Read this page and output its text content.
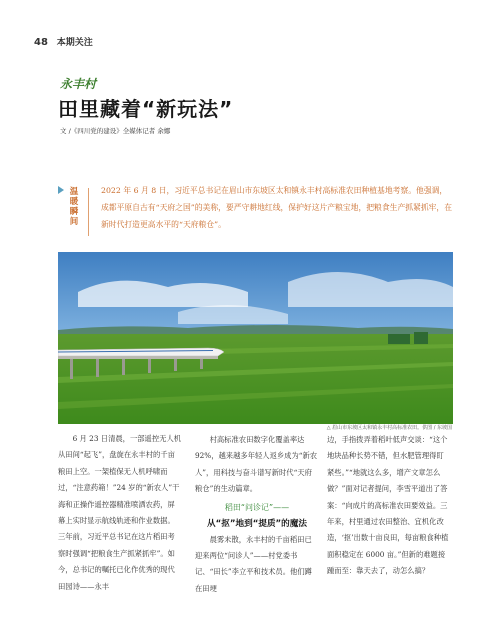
48 本期关注
永丰村
田里藏着“新玩法”
文 /《四川党的建设》全媒体记者 余娜
温暖瞬间
2022 年 6 月 8 日，习近平总书记在眉山市东坡区太和镇永丰村高标准农田种植基地考察。他强调，成都平原自古有“天府之国”的美称，要严守耕地红线，保护好这片产粮宝地，把粮食生产抓紧抓牢，在新时代打造更高水平的“天府粮仓”。
△ 眉山市东坡区太和镇永丰村高标准农田。供图 / 东坡国

6 月 23 日清晨，一部遥控无人机从田间“起飞”，盘旋在永丰村的千亩粮田上空。一架植保无人机呼啸而过，“注意药箱！”24 岁的“新农人”干海和正操作遥控器精准喷洒农药，屏幕上实时显示航线轨迹和作业数据。三年前，习近平总书记在这片稻田考察时强调“把粮食生产抓紧抓牢”。如今，总书记的嘱托已化作优秀的现代田园诗——永丰

村高标准农田数字化覆盖率达 92%，越来越多年轻人返乡成为“新农人”，用科技与奋斗谱写新时代“天府粮仓”的生动篇章。

稻田“问诊记”——
从“抠”地到“提质”的魔法

晨雾未散，永丰村的千亩稻田已迎来两位“问诊人”——村党委书记、“田长”李立平和技术员。他们蹲在田埂

边，手指拨弄着稻叶低声交谈：“这个地块品种长势不错，但水肥管理得盯紧些。”“地就这么多，增产文章怎么做？”面对记者提问，李雪平道出了答案：“向成片的高标准农田要效益。三年来，村里通过农田整治、宜机化改造，‘抠’出数十亩良田，每亩粮食种植面积稳定在 6000 亩。”但新的难题接踵而至：靠天去了，动怎么搞？
